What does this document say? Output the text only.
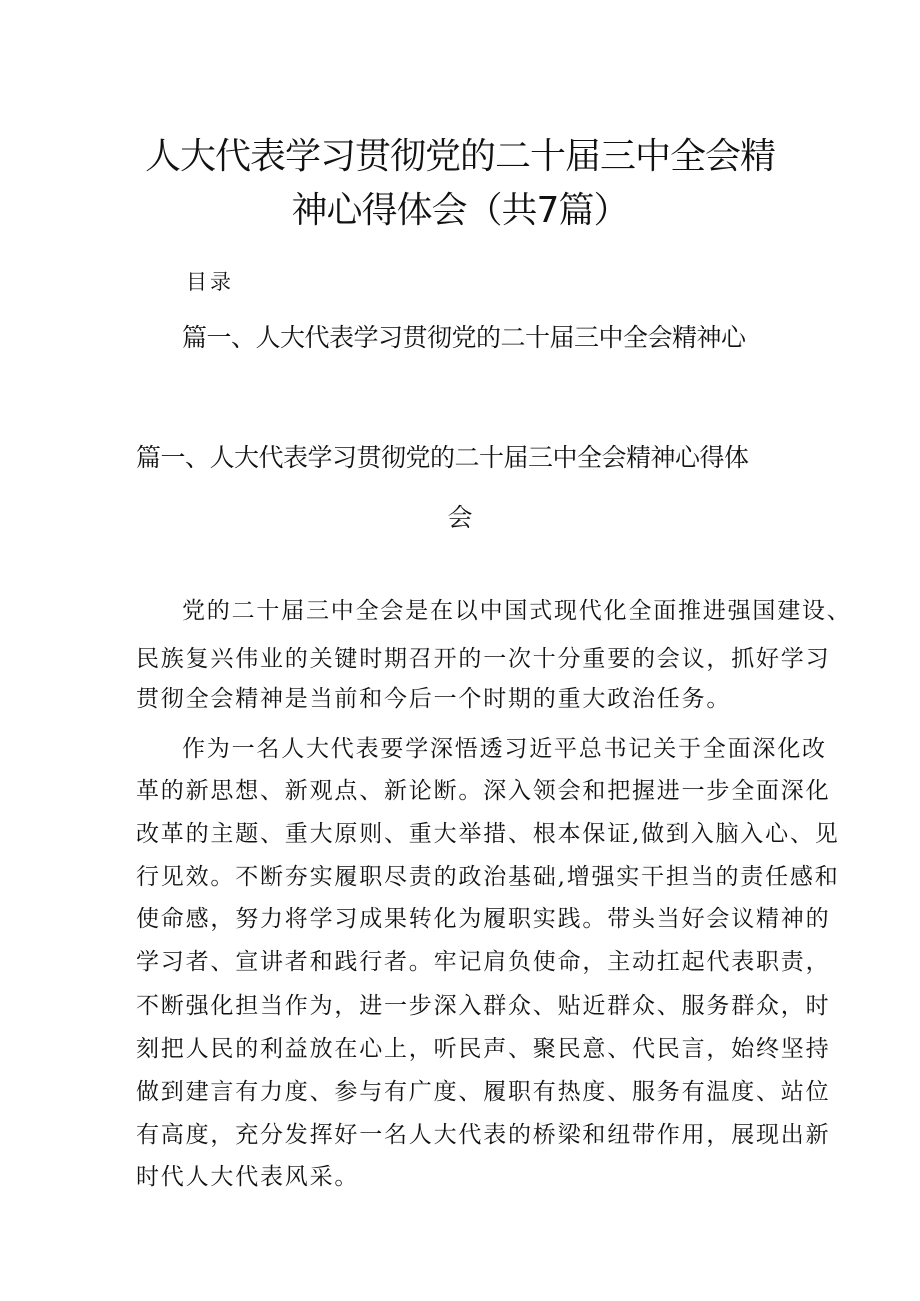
人大代表学习贯彻党的二十届三中全会精
神心得体会（共7篇）
目录
篇一、人大代表学习贯彻党的二十届三中全会精神心
篇一、人大代表学习贯彻党的二十届三中全会精神心得体
会
党的二十届三中全会是在以中国式现代化全面推进强国建设、
民族复兴伟业的关键时期召开的一次十分重要的会议，抓好学习
贯彻全会精神是当前和今后一个时期的重大政治任务。
作为一名人大代表要学深悟透习近平总书记关于全面深化改
革的新思想、新观点、新论断。深入领会和把握进一步全面深化
改革的主题、重大原则、重大举措、根本保证,做到入脑入心、见
行见效。不断夯实履职尽责的政治基础,增强实干担当的责任感和
使命感，努力将学习成果转化为履职实践。带头当好会议精神的
学习者、宣讲者和践行者。牢记肩负使命，主动扛起代表职责，
不断强化担当作为，进一步深入群众、贴近群众、服务群众，时
刻把人民的利益放在心上，听民声、聚民意、代民言，始终坚持
做到建言有力度、参与有广度、履职有热度、服务有温度、站位
有高度，充分发挥好一名人大代表的桥梁和纽带作用，展现出新
时代人大代表风采。
